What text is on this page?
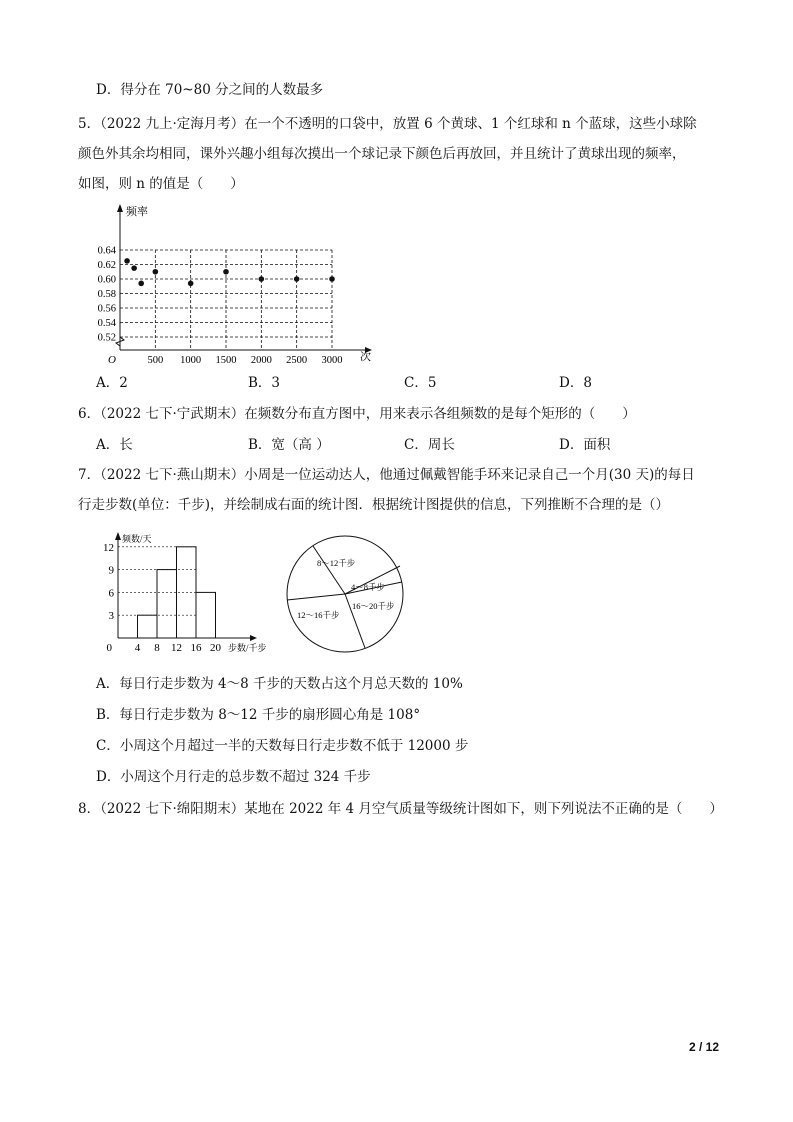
D．得分在 70~80 分之间的人数最多
5．（2022 九上·定海月考）在一个不透明的口袋中，放置 6 个黄球、1 个红球和 n 个蓝球，这些小球除
颜色外其余均相同，课外兴趣小组每次摸出一个球记录下颜色后再放回，并且统计了黄球出现的频率，
如图，则 n 的值是（　　）
0.52
0.54
0.56
0.58
0.60
0.62
0.64
500 1000 1500 2000 2500 3000
O
频率
次
A．2	B．3	C．5	D．8
6．（2022 七下·宁武期末）在频数分布直方图中，用来表示各组频数的是每个矩形的（　　）
A．长	B．宽（高 ）	C．周长	D．面积
7．（2022 七下·燕山期末）小周是一位运动达人，他通过佩戴智能手环来记录自己一个月(30 天)的每日
行走步数(单位：千步)，并绘制成右面的统计图．根据统计图提供的信息，下列推断不合理的是（）
3
6
9
12
4 8 12 16 20
0
频数/天
步数/千步
8～12千步
4～8千步
16～20千步
12～16千步
A．每日行走步数为 4～8 千步的天数占这个月总天数的 10%
B．每日行走步数为 8～12 千步的扇形圆心角是 108°
C．小周这个月超过一半的天数每日行走步数不低于 12000 步
D．小周这个月行走的总步数不超过 324 千步
8．（2022 七下·绵阳期末）某地在 2022 年 4 月空气质量等级统计图如下，则下列说法不正确的是（　　）
2 / 12
